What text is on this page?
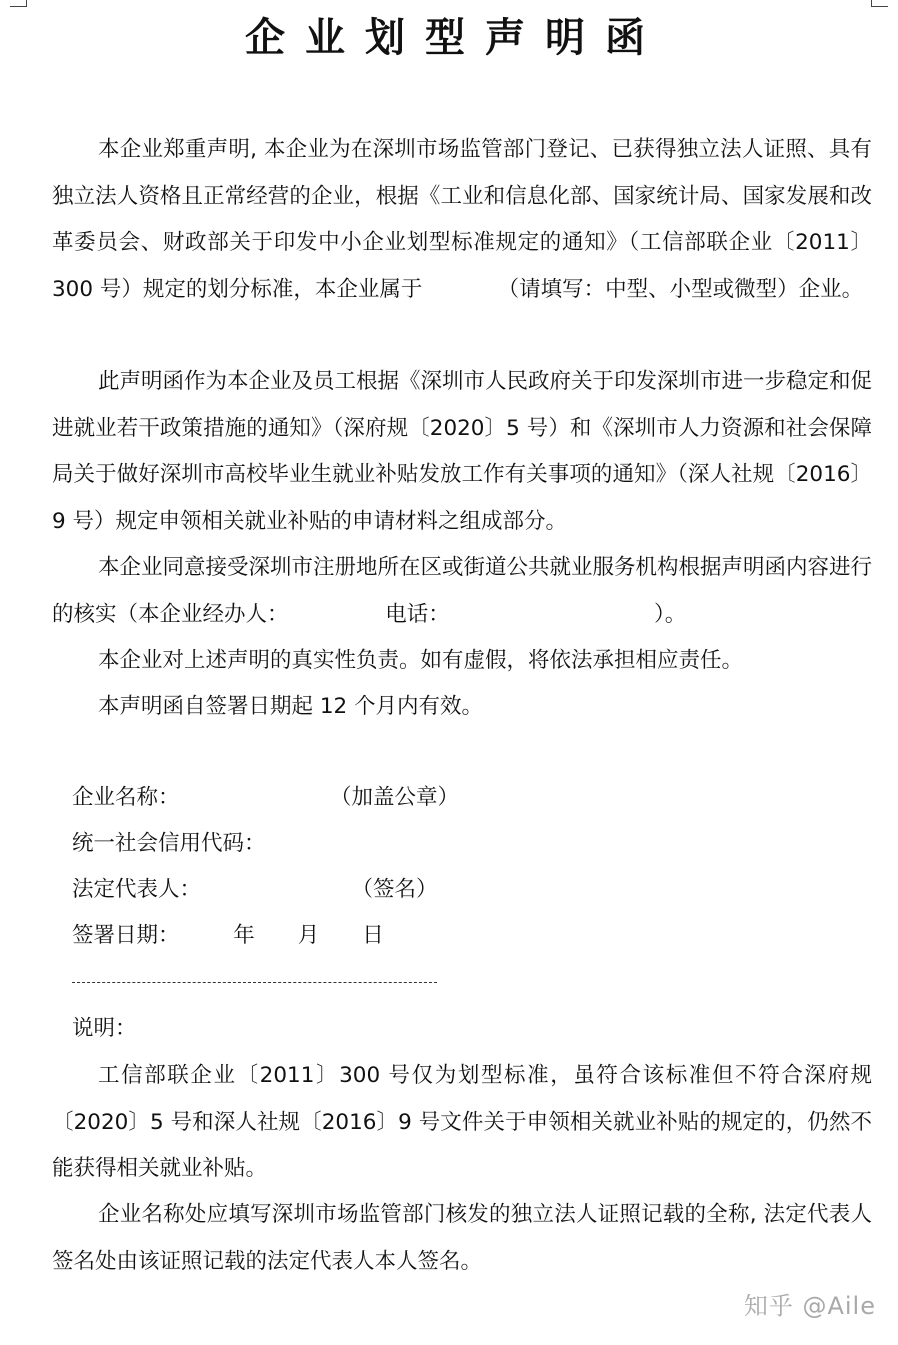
企业划型声明函

本企业郑重声明, 本企业为在深圳市场监管部门登记、已获得独立法人证照、具有独立法人资格且正常经营的企业，根据《工业和信息化部、国家统计局、国家发展和改革委员会、财政部关于印发中小企业划型标准规定的通知》（工信部联企业〔2011〕300 号）规定的划分标准，本企业属于　　　　（请填写：中型、小型或微型）企业。

此声明函作为本企业及员工根据《深圳市人民政府关于印发深圳市进一步稳定和促进就业若干政策措施的通知》（深府规〔2020〕5 号）和《深圳市人力资源和社会保障局关于做好深圳市高校毕业生就业补贴发放工作有关事项的通知》（深人社规〔2016〕9 号）规定申领相关就业补贴的申请材料之组成部分。

本企业同意接受深圳市注册地所在区或街道公共就业服务机构根据声明函内容进行的核实（本企业经办人：　　　　　电话：　　　　　　　　　　）。

本企业对上述声明的真实性负责。如有虚假，将依法承担相应责任。

本声明函自签署日期起 12 个月内有效。

企业名称：　　　　　　　　（加盖公章）
统一社会信用代码：
法定代表人：　　　　　　　　（签名）
签署日期：　　　年　　月　　日
说明：

工信部联企业〔2011〕300 号仅为划型标准，虽符合该标准但不符合深府规〔2020〕5 号和深人社规〔2016〕9 号文件关于申领相关就业补贴的规定的，仍然不能获得相关就业补贴。

企业名称处应填写深圳市场监管部门核发的独立法人证照记载的全称, 法定代表人签名处由该证照记载的法定代表人本人签名。

知乎 @Aile
